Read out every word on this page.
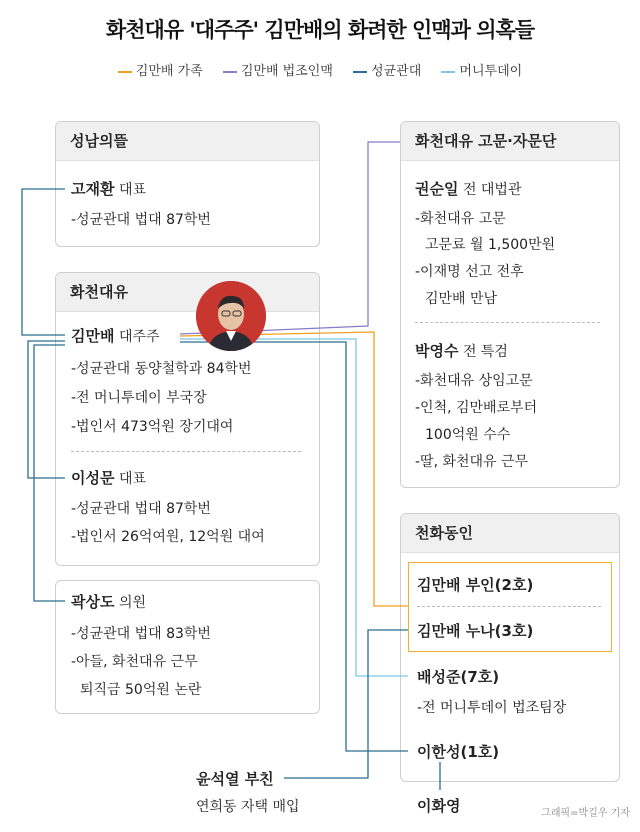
화천대유 '대주주' 김만배의 화려한 인맥과 의혹들
김만배 가족	김만배 법조인맥	성균관대	머니투데이
성남의뜰
화천대유
화천대유 고문·자문단
천화동인
고재환 대표
-성균관대 법대 87학번
김만배 대주주
-성균관대 동양철학과 84학번
-전 머니투데이 부국장
-법인서 473억원 장기대여
이성문 대표
-성균관대 법대 87학번
-법인서 26억여원, 12억원 대여
곽상도 의원
-성균관대 법대 83학번
-아들, 화천대유 근무
퇴직금 50억원 논란
권순일 전 대법관
-화천대유 고문
고문료 월 1,500만원
-이재명 선고 전후
김만배 만남
박영수 전 특검
-화천대유 상임고문
-인척, 김만배로부터
100억원 수수
-딸, 화천대유 근무
김만배 부인(2호)
김만배 누나(3호)
배성준(7호)
-전 머니투데이 법조팀장
이한성(1호)
윤석열 부친
연희동 자택 매입	이화영	그래픽=박길우 기자
